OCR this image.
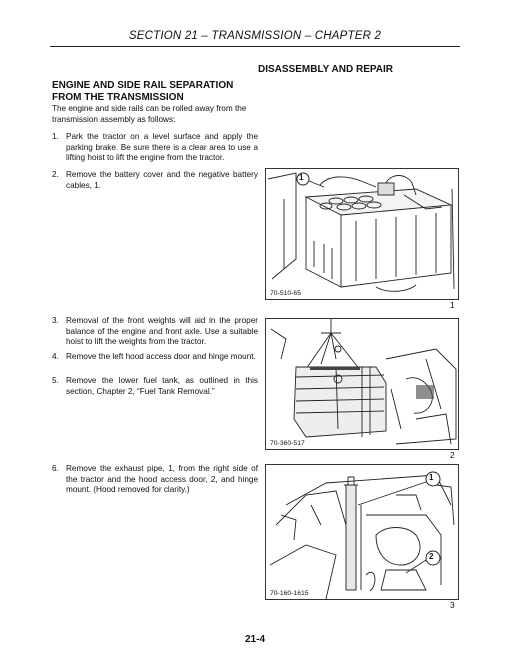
SECTION 21 – TRANSMISSION – CHAPTER 2
DISASSEMBLY AND REPAIR
ENGINE AND SIDE RAIL SEPARATION
FROM THE TRANSMISSION
The engine and side rails can be rolled away from the transmission assembly as follows:
1. Park the tractor on a level surface and apply the parking brake. Be sure there is a clear area to use a lifting hoist to lift the engine from the tractor.
2. Remove the battery cover and the negative battery cables, 1.
3. Removal of the front weights will aid in the proper balance of the engine and front axle. Use a suitable hoist to lift the weights from the tractor.
4. Remove the left hood access door and hinge mount.
5. Remove the lower fuel tank, as outlined in this section, Chapter 2, “Fuel Tank Removal.”
6. Remove the exhaust pipe, 1, from the right side of the tractor and the hood access door, 2, and hinge mount. (Hood removed for clarity.)
1
70-510-65
1
70-360-517
2
1
2
70-160-1615
3
21-4
